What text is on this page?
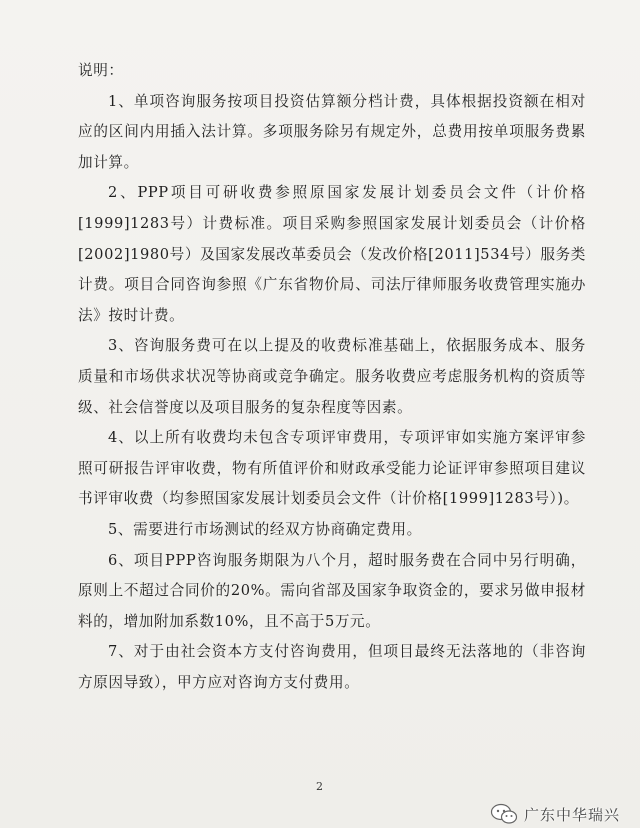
说明：

1、单项咨询服务按项目投资估算额分档计费，具体根据投资额在相对应的区间内用插入法计算。多项服务除另有规定外，总费用按单项服务费累加计算。

2、PPP项目可研收费参照原国家发展计划委员会文件（计价格[1999]1283号）计费标准。项目采购参照国家发展计划委员会（计价格[2002]1980号）及国家发展改革委员会（发改价格[2011]534号）服务类计费。项目合同咨询参照《广东省物价局、司法厅律师服务收费管理实施办法》按时计费。

3、咨询服务费可在以上提及的收费标准基础上，依据服务成本、服务质量和市场供求状况等协商或竞争确定。服务收费应考虑服务机构的资质等级、社会信誉度以及项目服务的复杂程度等因素。

4、以上所有收费均未包含专项评审费用，专项评审如实施方案评审参照可研报告评审收费，物有所值评价和财政承受能力论证评审参照项目建议书评审收费（均参照国家发展计划委员会文件（计价格[1999]1283号）)。

5、需要进行市场测试的经双方协商确定费用。

6、项目PPP咨询服务期限为八个月，超时服务费在合同中另行明确，原则上不超过合同价的20%。需向省部及国家争取资金的，要求另做申报材料的，增加附加系数10%，且不高于5万元。

7、对于由社会资本方支付咨询费用，但项目最终无法落地的（非咨询方原因导致），甲方应对咨询方支付费用。

2
广东中华瑞兴
